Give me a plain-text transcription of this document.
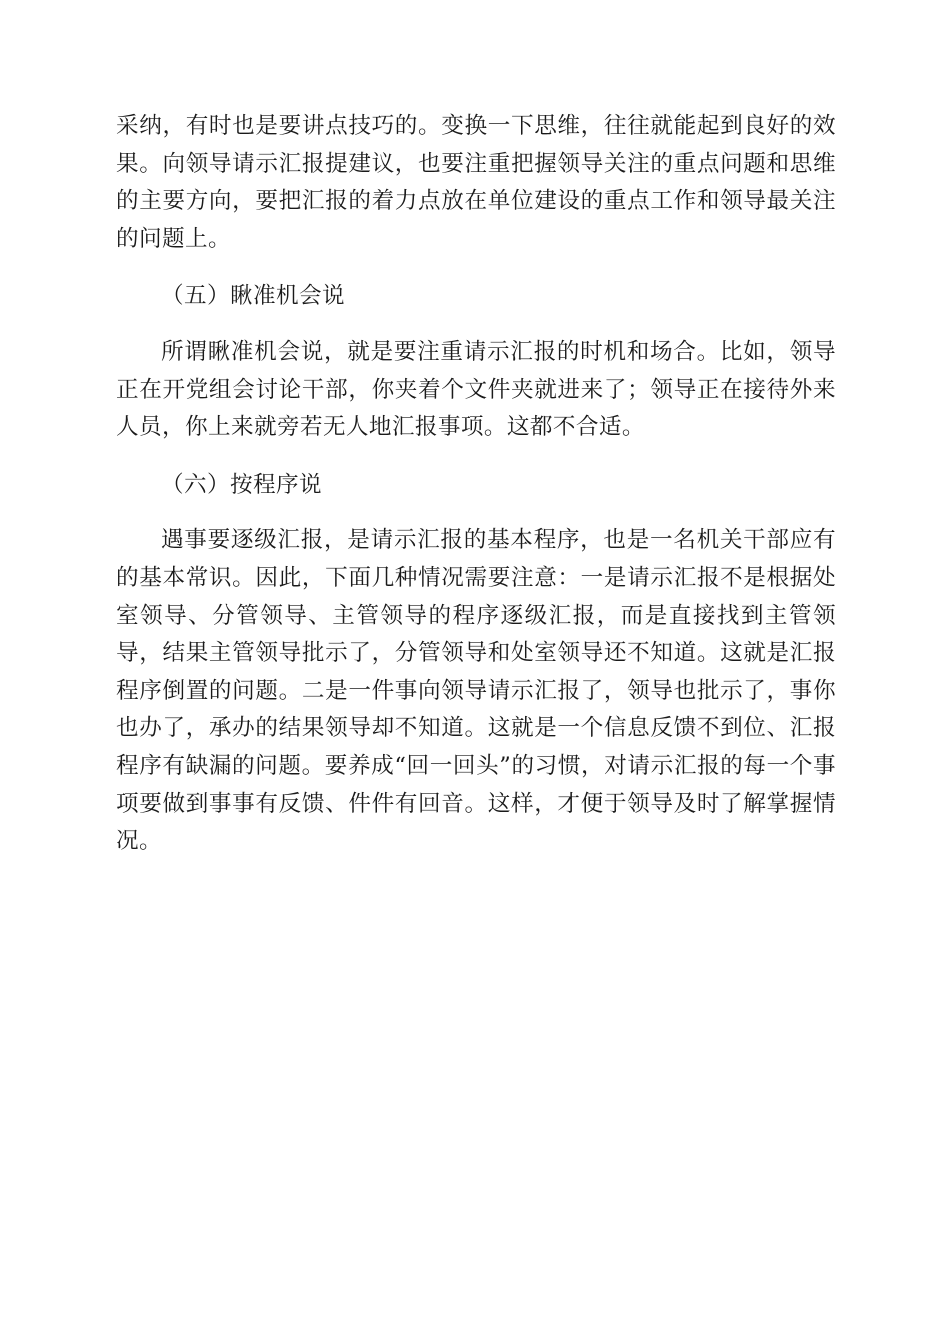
采纳，有时也是要讲点技巧的。变换一下思维，往往就能起到良好的效果。向领导请示汇报提建议，也要注重把握领导关注的重点问题和思维的主要方向，要把汇报的着力点放在单位建设的重点工作和领导最关注的问题上。

（五）瞅准机会说

所谓瞅准机会说，就是要注重请示汇报的时机和场合。比如，领导正在开党组会讨论干部，你夹着个文件夹就进来了；领导正在接待外来人员，你上来就旁若无人地汇报事项。这都不合适。

（六）按程序说

遇事要逐级汇报，是请示汇报的基本程序，也是一名机关干部应有的基本常识。因此，下面几种情况需要注意：一是请示汇报不是根据处室领导、分管领导、主管领导的程序逐级汇报，而是直接找到主管领导，结果主管领导批示了，分管领导和处室领导还不知道。这就是汇报程序倒置的问题。二是一件事向领导请示汇报了，领导也批示了，事你也办了，承办的结果领导却不知道。这就是一个信息反馈不到位、汇报程序有缺漏的问题。要养成“回一回头”的习惯，对请示汇报的每一个事项要做到事事有反馈、件件有回音。这样，才便于领导及时了解掌握情况。
